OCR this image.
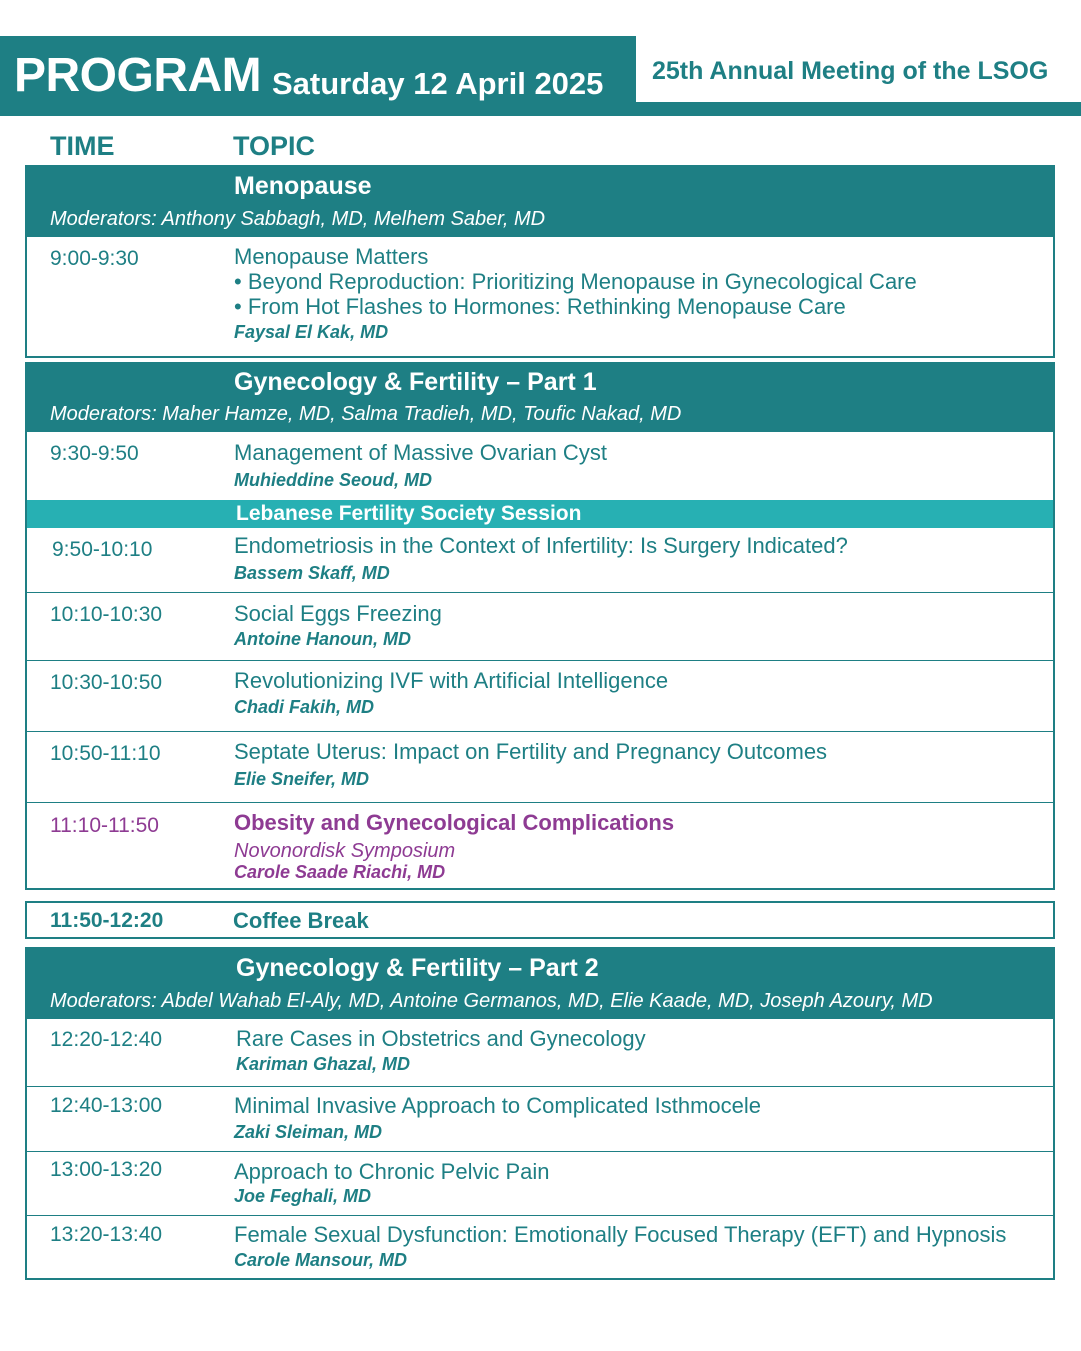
PROGRAM Saturday 12 April 2025 25th Annual Meeting of the LSOG
TIME	TOPIC
Menopause
Moderators: Anthony Sabbagh, MD, Melhem Saber, MD
9:00-9:30	Menopause Matters
• Beyond Reproduction: Prioritizing Menopause in Gynecological Care
• From Hot Flashes to Hormones: Rethinking Menopause Care
Faysal El Kak, MD
Gynecology & Fertility – Part 1
Moderators: Maher Hamze, MD, Salma Tradieh, MD, Toufic Nakad, MD
9:30-9:50	Management of Massive Ovarian Cyst
Muhieddine Seoud, MD
Lebanese Fertility Society Session
9:50-10:10	Endometriosis in the Context of Infertility: Is Surgery Indicated?
Bassem Skaff, MD
10:10-10:30	Social Eggs Freezing
Antoine Hanoun, MD
10:30-10:50	Revolutionizing IVF with Artificial Intelligence
Chadi Fakih, MD
10:50-11:10	Septate Uterus: Impact on Fertility and Pregnancy Outcomes
Elie Sneifer, MD
11:10-11:50	Obesity and Gynecological Complications
Novonordisk Symposium
Carole Saade Riachi, MD
11:50-12:20	Coffee Break
Gynecology & Fertility – Part 2
Moderators: Abdel Wahab El-Aly, MD, Antoine Germanos, MD, Elie Kaade, MD, Joseph Azoury, MD
12:20-12:40	Rare Cases in Obstetrics and Gynecology
Kariman Ghazal, MD
12:40-13:00	Minimal Invasive Approach to Complicated Isthmocele
Zaki Sleiman, MD
13:00-13:20	Approach to Chronic Pelvic Pain
Joe Feghali, MD
13:20-13:40	Female Sexual Dysfunction: Emotionally Focused Therapy (EFT) and Hypnosis
Carole Mansour, MD
